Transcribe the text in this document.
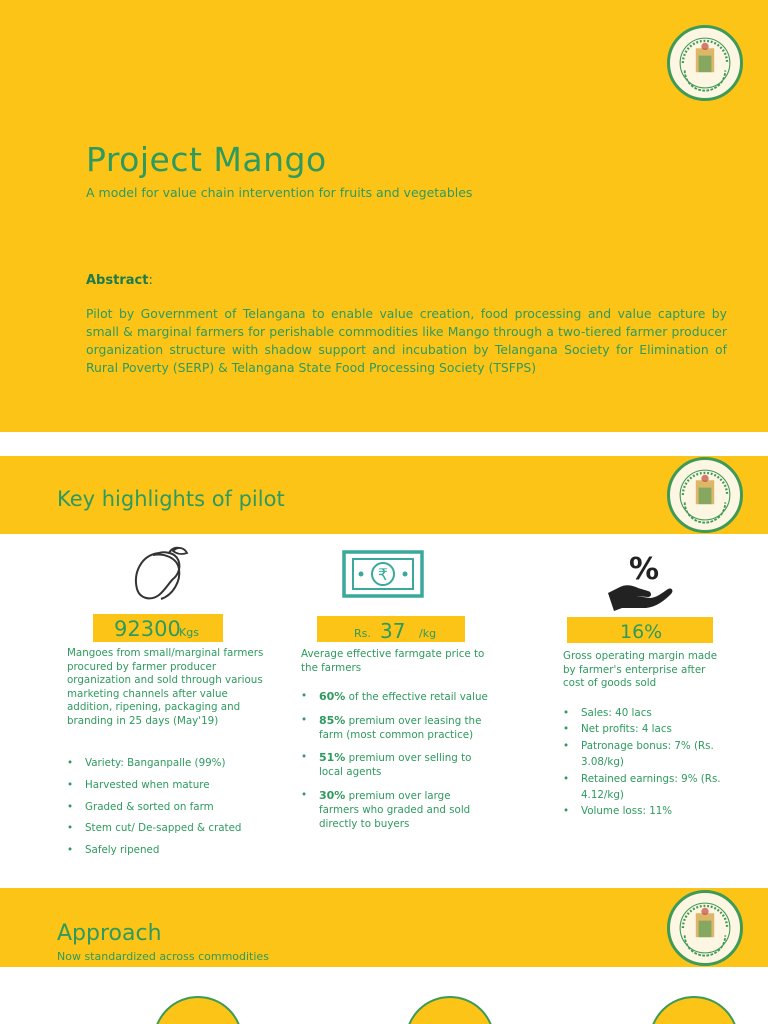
Project Mango
A model for value chain intervention for fruits and vegetables
Abstract:
Pilot by Government of Telangana to enable value creation, food processing and value capture by small & marginal farmers for perishable commodities like Mango through a two-tiered farmer producer organization structure with shadow support and incubation by Telangana Society for Elimination of Rural Poverty (SERP) & Telangana State Food Processing Society (TSFPS)
Key highlights of pilot
92300
Kgs
Mangoes from small/marginal farmers procured by farmer producer organization and sold through various marketing channels after value addition, ripening, packaging and branding in 25 days (May'19)
• Variety: Banganpalle (99%)
• Harvested when mature
• Graded & sorted on farm
• Stem cut/ De-sapped & crated
• Safely ripened
₹
Rs. 37 /kg
Average effective farmgate price to the farmers
• 60% of the effective retail value
• 85% premium over leasing the farm (most common practice)
• 51% premium over selling to local agents
• 30% premium over large farmers who graded and sold directly to buyers
%
16%
Gross operating margin made by farmer's enterprise after cost of goods sold
• Sales: 40 lacs
• Net profits: 4 lacs
• Patronage bonus: 7% (Rs. 3.08/kg)
• Retained earnings: 9% (Rs. 4.12/kg)
• Volume loss: 11%
Approach
Now standardized across commodities
